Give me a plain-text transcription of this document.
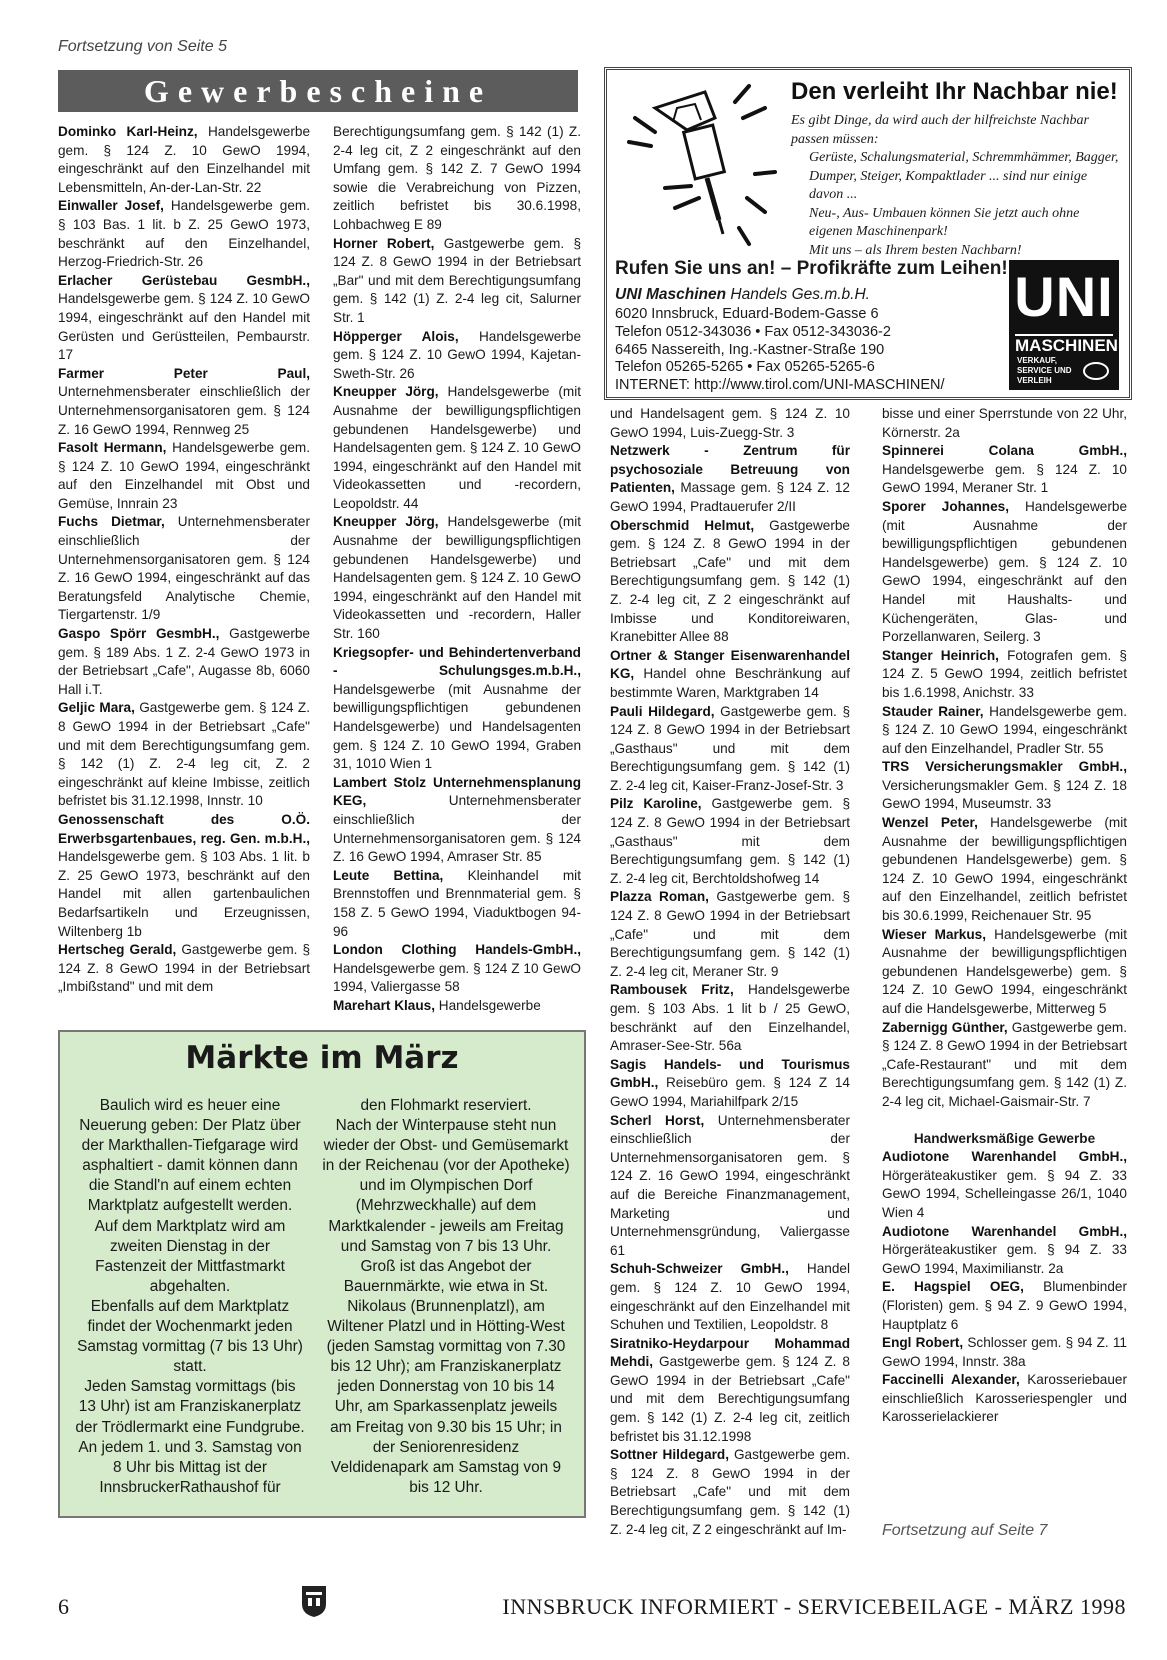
Fortsetzung von Seite 5
Gewerbescheine

Dominko Karl-Heinz, Handelsgewerbe gem. § 124 Z. 10 GewO 1994, eingeschränkt auf den Einzelhandel mit Lebensmitteln, An-der-Lan-Str. 22

Einwaller Josef, Handelsgewerbe gem. § 103 Bas. 1 lit. b Z. 25 GewO 1973, beschränkt auf den Einzelhandel, Herzog-Friedrich-Str. 26

Erlacher Gerüstebau GesmbH., Handelsgewerbe gem. § 124 Z. 10 GewO 1994, eingeschränkt auf den Handel mit Gerüsten und Gerüstteilen, Pembaurstr. 17

Farmer Peter Paul, Unternehmensberater einschließlich der Unternehmensorganisatoren gem. § 124 Z. 16 GewO 1994, Rennweg 25

Fasolt Hermann, Handelsgewerbe gem. § 124 Z. 10 GewO 1994, eingeschränkt auf den Einzelhandel mit Obst und Gemüse, Innrain 23

Fuchs Dietmar, Unternehmensberater einschließlich der Unternehmensorganisatoren gem. § 124 Z. 16 GewO 1994, eingeschränkt auf das Beratungsfeld Analytische Chemie, Tiergartenstr. 1/9

Gaspo Spörr GesmbH., Gastgewerbe gem. § 189 Abs. 1 Z. 2-4 GewO 1973 in der Betriebsart „Cafe", Augasse 8b, 6060 Hall i.T.

Geljic Mara, Gastgewerbe gem. § 124 Z. 8 GewO 1994 in der Betriebsart „Cafe" und mit dem Berechtigungsumfang gem. § 142 (1) Z. 2-4 leg cit, Z. 2 eingeschränkt auf kleine Imbisse, zeitlich befristet bis 31.12.1998, Innstr. 10

Genossenschaft des O.Ö. Erwerbsgartenbaues, reg. Gen. m.b.H., Handelsgewerbe gem. § 103 Abs. 1 lit. b Z. 25 GewO 1973, beschränkt auf den Handel mit allen gartenbaulichen Bedarfsartikeln und Erzeugnissen, Wiltenberg 1b

Hertscheg Gerald, Gastgewerbe gem. § 124 Z. 8 GewO 1994 in der Betriebsart „Imbißstand" und mit dem

Berechtigungsumfang gem. § 142 (1) Z. 2-4 leg cit, Z 2 eingeschränkt auf den Umfang gem. § 142 Z. 7 GewO 1994 sowie die Verabreichung von Pizzen, zeitlich befristet bis 30.6.1998, Lohbachweg E 89

Horner Robert, Gastgewerbe gem. § 124 Z. 8 GewO 1994 in der Betriebsart „Bar" und mit dem Berechtigungsumfang gem. § 142 (1) Z. 2-4 leg cit, Salurner Str. 1

Höpperger Alois, Handelsgewerbe gem. § 124 Z. 10 GewO 1994, Kajetan-Sweth-Str. 26

Kneupper Jörg, Handelsgewerbe (mit Ausnahme der bewilligungspflichtigen gebundenen Handelsgewerbe) und Handelsagenten gem. § 124 Z. 10 GewO 1994, eingeschränkt auf den Handel mit Videokassetten und -recordern, Leopoldstr. 44

Kneupper Jörg, Handelsgewerbe (mit Ausnahme der bewilligungspflichtigen gebundenen Handelsgewerbe) und Handelsagenten gem. § 124 Z. 10 GewO 1994, eingeschränkt auf den Handel mit Videokassetten und -recordern, Haller Str. 160

Kriegsopfer- und Behindertenverband - Schulungsges.m.b.H., Handelsgewerbe (mit Ausnahme der bewilligungspflichtigen gebundenen Handelsgewerbe) und Handelsagenten gem. § 124 Z. 10 GewO 1994, Graben 31, 1010 Wien 1

Lambert Stolz Unternehmensplanung KEG, Unternehmensberater einschließlich der Unternehmensorganisatoren gem. § 124 Z. 16 GewO 1994, Amraser Str. 85

Leute Bettina, Kleinhandel mit Brennstoffen und Brennmaterial gem. § 158 Z. 5 GewO 1994, Viaduktbogen 94-96

London Clothing Handels-GmbH., Handelsgewerbe gem. § 124 Z 10 GewO 1994, Valiergasse 58

Marehart Klaus, Handelsgewerbe

Den verleiht Ihr Nachbar nie!

Es gibt Dinge, da wird auch der hilfreichste Nachbar passen müssen:

Gerüste, Schalungsmaterial, Schremmhämmer, Bagger, Dumper, Steiger, Kompaktlader ... sind nur einige davon ...

Neu-, Aus- Umbauen können Sie jetzt auch ohne eigenen Maschinenpark!

Mit uns – als Ihrem besten Nachbarn!

Rufen Sie uns an! – Profikräfte zum Leihen!
UNI Maschinen Handels Ges.m.b.H.
6020 Innsbruck, Eduard-Bodem-Gasse 6
Telefon 0512-343036 • Fax 0512-343036-2
6465 Nassereith, Ing.-Kastner-Straße 190
Telefon 05265-5265 • Fax 05265-5265-6
INTERNET: http://www.tirol.com/UNI-MASCHINEN/
UNI
MASCHINEN
VERKAUF, SERVICE UND VERLEIH

und Handelsagent gem. § 124 Z. 10 GewO 1994, Luis-Zuegg-Str. 3

Netzwerk - Zentrum für psychosoziale Betreuung von Patienten, Massage gem. § 124 Z. 12 GewO 1994, Pradtauerufer 2/II

Oberschmid Helmut, Gastgewerbe gem. § 124 Z. 8 GewO 1994 in der Betriebsart „Cafe" und mit dem Berechtigungsumfang gem. § 142 (1) Z. 2-4 leg cit, Z 2 eingeschränkt auf Imbisse und Konditoreiwaren, Kranebitter Allee 88

Ortner & Stanger Eisenwarenhandel KG, Handel ohne Beschränkung auf bestimmte Waren, Marktgraben 14

Pauli Hildegard, Gastgewerbe gem. § 124 Z. 8 GewO 1994 in der Betriebsart „Gasthaus" und mit dem Berechtigungsumfang gem. § 142 (1) Z. 2-4 leg cit, Kaiser-Franz-Josef-Str. 3

Pilz Karoline, Gastgewerbe gem. § 124 Z. 8 GewO 1994 in der Betriebsart „Gasthaus" mit dem Berechtigungsumfang gem. § 142 (1) Z. 2-4 leg cit, Berchtoldshofweg 14

Plazza Roman, Gastgewerbe gem. § 124 Z. 8 GewO 1994 in der Betriebsart „Cafe" und mit dem Berechtigungsumfang gem. § 142 (1) Z. 2-4 leg cit, Meraner Str. 9

Rambousek Fritz, Handelsgewerbe gem. § 103 Abs. 1 lit b / 25 GewO, beschränkt auf den Einzelhandel, Amraser-See-Str. 56a

Sagis Handels- und Tourismus GmbH., Reisebüro gem. § 124 Z 14 GewO 1994, Mariahilfpark 2/15

Scherl Horst, Unternehmensberater einschließlich der Unternehmensorganisatoren gem. § 124 Z. 16 GewO 1994, eingeschränkt auf die Bereiche Finanzmanagement, Marketing und Unternehmensgründung, Valiergasse 61

Schuh-Schweizer GmbH., Handel gem. § 124 Z. 10 GewO 1994, eingeschränkt auf den Einzelhandel mit Schuhen und Textilien, Leopoldstr. 8

Siratniko-Heydarpour Mohammad Mehdi, Gastgewerbe gem. § 124 Z. 8 GewO 1994 in der Betriebsart „Cafe" und mit dem Berechtigungsumfang gem. § 142 (1) Z. 2-4 leg cit, zeitlich befristet bis 31.12.1998

Sottner Hildegard, Gastgewerbe gem. § 124 Z. 8 GewO 1994 in der Betriebsart „Cafe" und mit dem Berechtigungsumfang gem. § 142 (1) Z. 2-4 leg cit, Z 2 eingeschränkt auf Im-

bisse und einer Sperrstunde von 22 Uhr, Körnerstr. 2a

Spinnerei Colana GmbH., Handelsgewerbe gem. § 124 Z. 10 GewO 1994, Meraner Str. 1

Sporer Johannes, Handelsgewerbe (mit Ausnahme der bewilligungspflichtigen gebundenen Handelsgewerbe) gem. § 124 Z. 10 GewO 1994, eingeschränkt auf den Handel mit Haushalts- und Küchengeräten, Glas- und Porzellanwaren, Seilerg. 3

Stanger Heinrich, Fotografen gem. § 124 Z. 5 GewO 1994, zeitlich befristet bis 1.6.1998, Anichstr. 33

Stauder Rainer, Handelsgewerbe gem. § 124 Z. 10 GewO 1994, eingeschränkt auf den Einzelhandel, Pradler Str. 55

TRS Versicherungsmakler GmbH., Versicherungsmakler Gem. § 124 Z. 18 GewO 1994, Museumstr. 33

Wenzel Peter, Handelsgewerbe (mit Ausnahme der bewilligungspflichtigen gebundenen Handelsgewerbe) gem. § 124 Z. 10 GewO 1994, eingeschränkt auf den Einzelhandel, zeitlich befristet bis 30.6.1999, Reichenauer Str. 95

Wieser Markus, Handelsgewerbe (mit Ausnahme der bewilligungspflichtigen gebundenen Handelsgewerbe) gem. § 124 Z. 10 GewO 1994, eingeschränkt auf die Handelsgewerbe, Mitterweg 5

Zabernigg Günther, Gastgewerbe gem. § 124 Z. 8 GewO 1994 in der Betriebsart „Cafe-Restaurant" und mit dem Berechtigungsumfang gem. § 142 (1) Z. 2-4 leg cit, Michael-Gaismair-Str. 7

Handwerksmäßige Gewerbe

Audiotone Warenhandel GmbH., Hörgeräteakustiker gem. § 94 Z. 33 GewO 1994, Schelleingasse 26/1, 1040 Wien 4

Audiotone Warenhandel GmbH., Hörgeräteakustiker gem. § 94 Z. 33 GewO 1994, Maximilianstr. 2a

E. Hagspiel OEG, Blumenbinder (Floristen) gem. § 94 Z. 9 GewO 1994, Hauptplatz 6

Engl Robert, Schlosser gem. § 94 Z. 11 GewO 1994, Innstr. 38a

Faccinelli Alexander, Karosseriebauer einschließlich Karosseriespengler und Karosserielackierer

Fortsetzung auf Seite 7
Märkte im März

Baulich wird es heuer eine Neuerung geben: Der Platz über der Markthallen-Tiefgarage wird asphaltiert - damit können dann die Standl'n auf einem echten Marktplatz aufgestellt werden.

Auf dem Marktplatz wird am zweiten Dienstag in der Fastenzeit der Mittfastmarkt abgehalten.

Ebenfalls auf dem Marktplatz findet der Wochenmarkt jeden Samstag vormittag (7 bis 13 Uhr) statt.

Jeden Samstag vormittags (bis 13 Uhr) ist am Franziskanerplatz der Trödlermarkt eine Fundgrube.

An jedem 1. und 3. Samstag von 8 Uhr bis Mittag ist der InnsbruckerRathaushof für

den Flohmarkt reserviert.

Nach der Winterpause steht nun wieder der Obst- und Gemüsemarkt in der Reichenau (vor der Apotheke) und im Olympischen Dorf (Mehrzweckhalle) auf dem Marktkalender - jeweils am Freitag und Samstag von 7 bis 13 Uhr.

Groß ist das Angebot der Bauernmärkte, wie etwa in St. Nikolaus (Brunnenplatzl), am Wiltener Platzl und in Hötting-West (jeden Samstag vormittag von 7.30 bis 12 Uhr); am Franziskanerplatz jeden Donnerstag von 10 bis 14 Uhr, am Sparkassenplatz jeweils am Freitag von 9.30 bis 15 Uhr; in der Seniorenresidenz Veldidenapark am Samstag von 9 bis 12 Uhr.

6	INNSBRUCK INFORMIERT - SERVICEBEILAGE - MÄRZ 1998
